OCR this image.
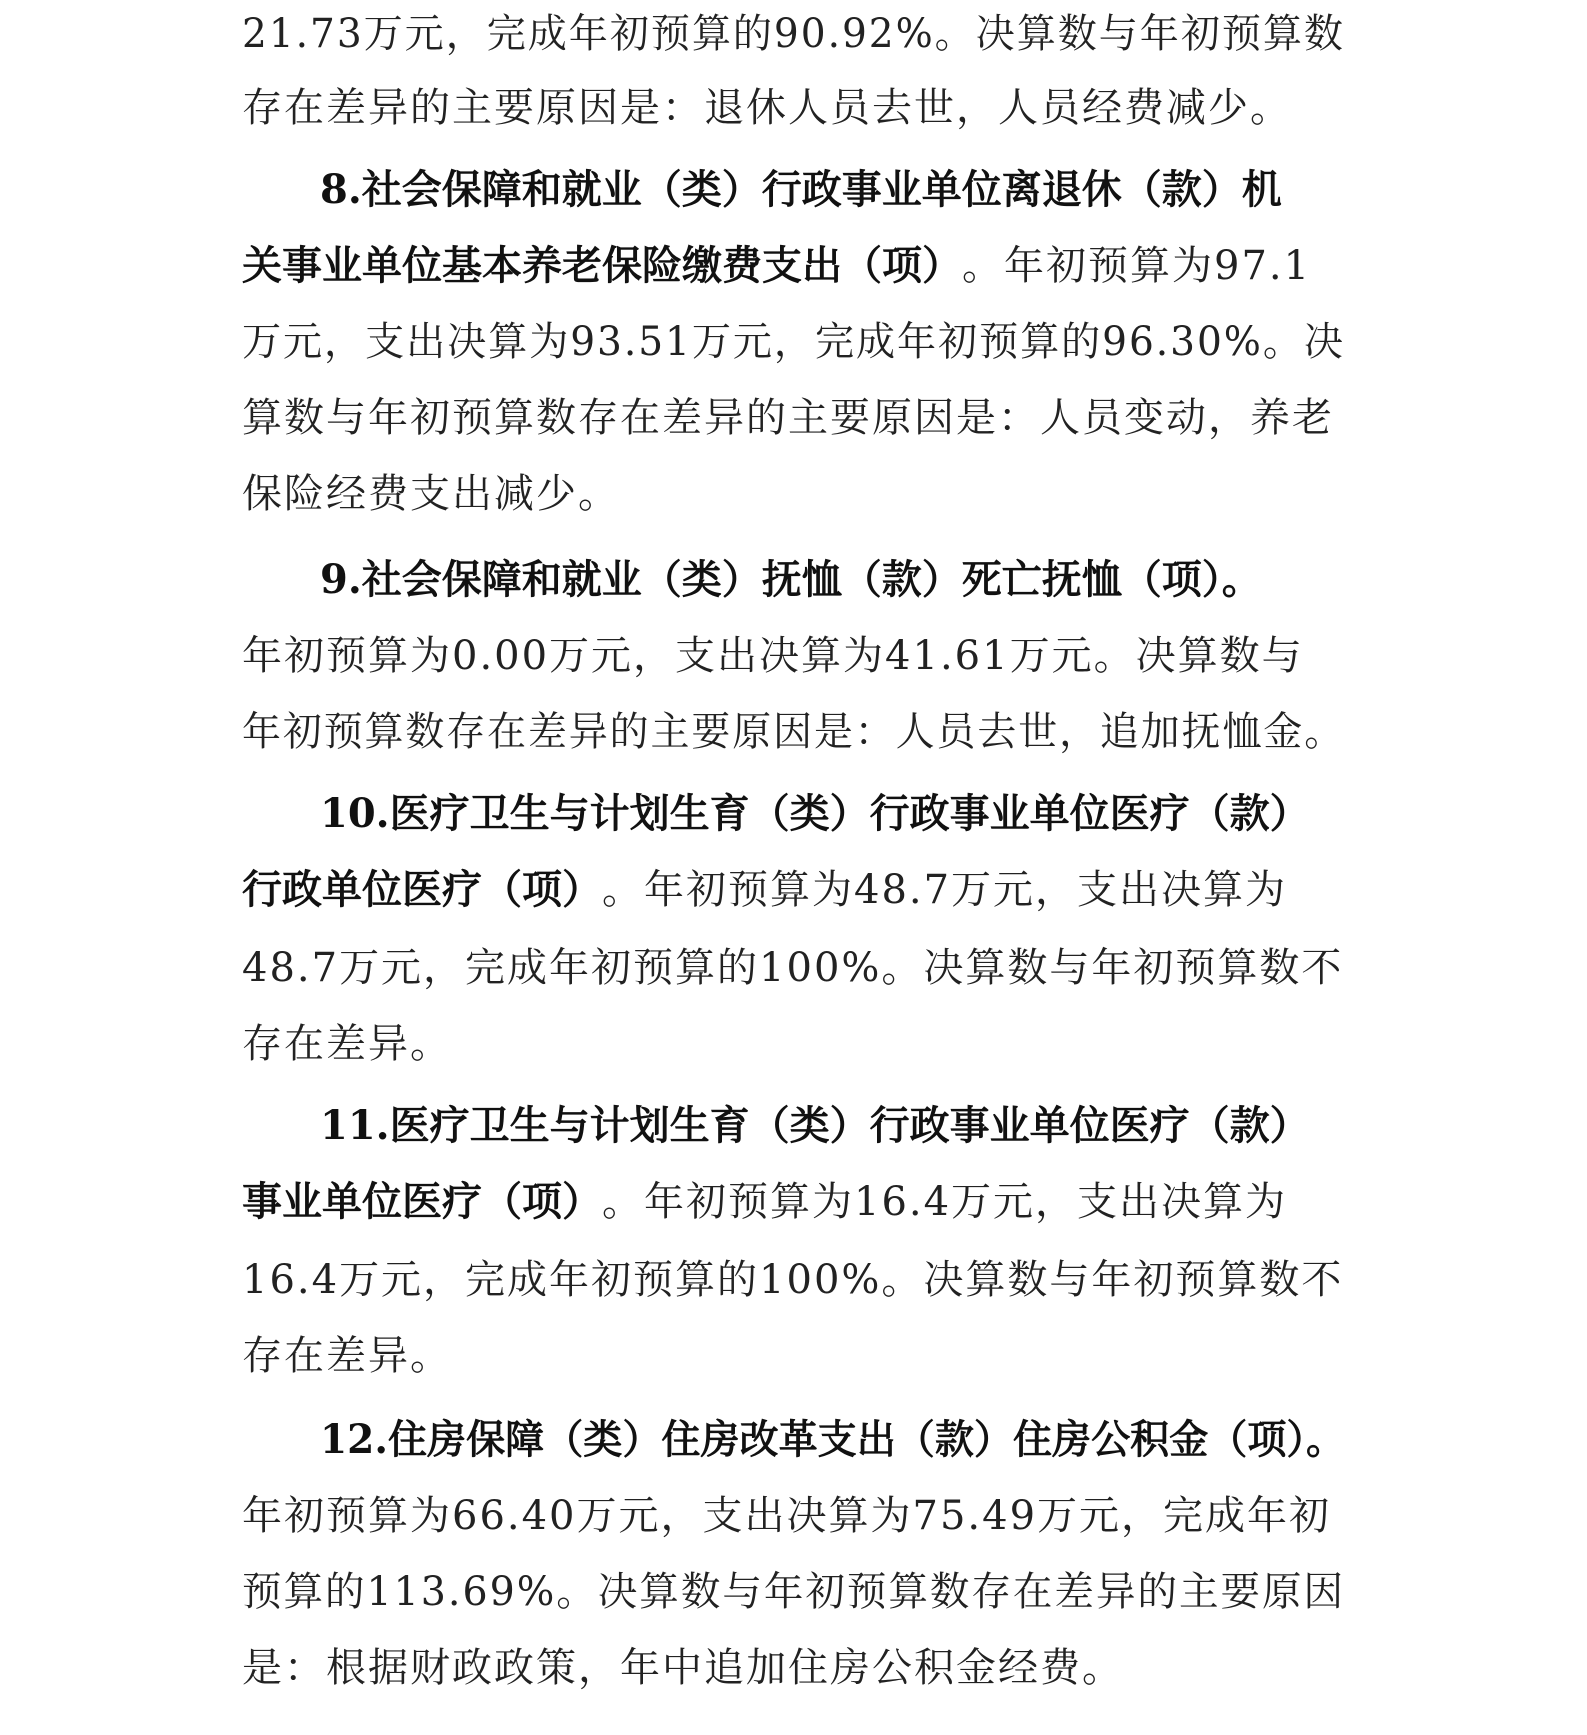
21.73万元，完成年初预算的90.92%。决算数与年初预算数
存在差异的主要原因是：退休人员去世，人员经费减少。
8.社会保障和就业（类）行政事业单位离退休（款）机
关事业单位基本养老保险缴费支出（项）。年初预算为97.1
万元，支出决算为93.51万元，完成年初预算的96.30%。决
算数与年初预算数存在差异的主要原因是：人员变动，养老
保险经费支出减少。
9.社会保障和就业（类）抚恤（款）死亡抚恤（项）。
年初预算为0.00万元，支出决算为41.61万元。决算数与
年初预算数存在差异的主要原因是：人员去世，追加抚恤金。
10.医疗卫生与计划生育（类）行政事业单位医疗（款）
行政单位医疗（项）。年初预算为48.7万元，支出决算为
48.7万元，完成年初预算的100%。决算数与年初预算数不
存在差异。
11.医疗卫生与计划生育（类）行政事业单位医疗（款）
事业单位医疗（项）。年初预算为16.4万元，支出决算为
16.4万元，完成年初预算的100%。决算数与年初预算数不
存在差异。
12.住房保障（类）住房改革支出（款）住房公积金（项）。
年初预算为66.40万元，支出决算为75.49万元，完成年初
预算的113.69%。决算数与年初预算数存在差异的主要原因
是：根据财政政策，年中追加住房公积金经费。
